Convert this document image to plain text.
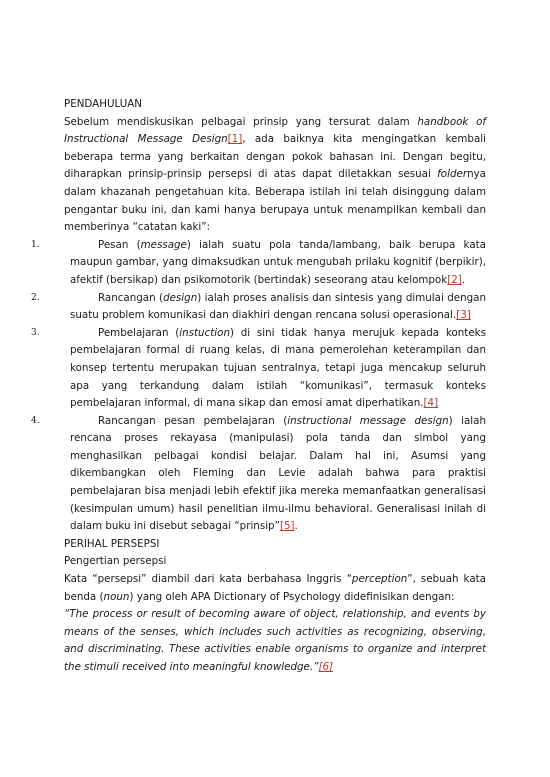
PENDAHULUAN

Sebelum mendiskusikan pelbagai prinsip yang tersurat dalam handbook of Instructional Message Design[1], ada baiknya kita mengingatkan kembali beberapa terma yang berkaitan dengan pokok bahasan ini. Dengan begitu, diharapkan prinsip-prinsip persepsi di atas dapat diletakkan sesuai foldernya dalam khazanah pengetahuan kita. Beberapa istilah ini telah disinggung dalam pengantar buku ini, dan kami hanya berupaya untuk menampilkan kembali dan memberinya “catatan kaki”:

1.	Pesan (message) ialah suatu pola tanda/lambang, baik berupa kata maupun gambar, yang dimaksudkan untuk mengubah prilaku kognitif (berpikir), afektif (bersikap) dan psikomotorik (bertindak) seseorang atau kelompok[2].
2.	Rancangan (design) ialah proses analisis dan sintesis yang dimulai dengan suatu problem komunikasi dan diakhiri dengan rencana solusi operasional.[3]
3.	Pembelajaran (instuction) di sini tidak hanya merujuk kepada konteks pembelajaran formal di ruang kelas, di mana pemerolehan keterampilan dan konsep tertentu merupakan tujuan sentralnya, tetapi juga mencakup seluruh apa yang terkandung dalam istilah “komunikasi”, termasuk konteks pembelajaran informal, di mana sikap dan emosi amat diperhatikan.[4]
4.	Rancangan pesan pembelajaran (instructional message design) ialah rencana proses rekayasa (manipulasi) pola tanda dan simbol yang menghasilkan pelbagai kondisi belajar. Dalam hal ini, Asumsi yang dikembangkan oleh Fleming dan Levie adalah bahwa para praktisi pembelajaran bisa menjadi lebih efektif jika mereka memanfaatkan generalisasi (kesimpulan umum) hasil penelitian ilmu-ilmu behavioral. Generalisasi inilah di dalam buku ini disebut sebagai “prinsip”[5].

PERIHAL PERSEPSI

Pengertian persepsi

Kata “persepsi” diambil dari kata berbahasa Inggris “perception”, sebuah kata benda (noun) yang oleh APA Dictionary of Psychology didefinisikan dengan:

“The process or result of becoming aware of object, relationship, and events by means of the senses, which includes such activities as recognizing, observing, and discriminating. These activities enable organisms to organize and interpret the stimuli received into meaningful knowledge.”[6]
